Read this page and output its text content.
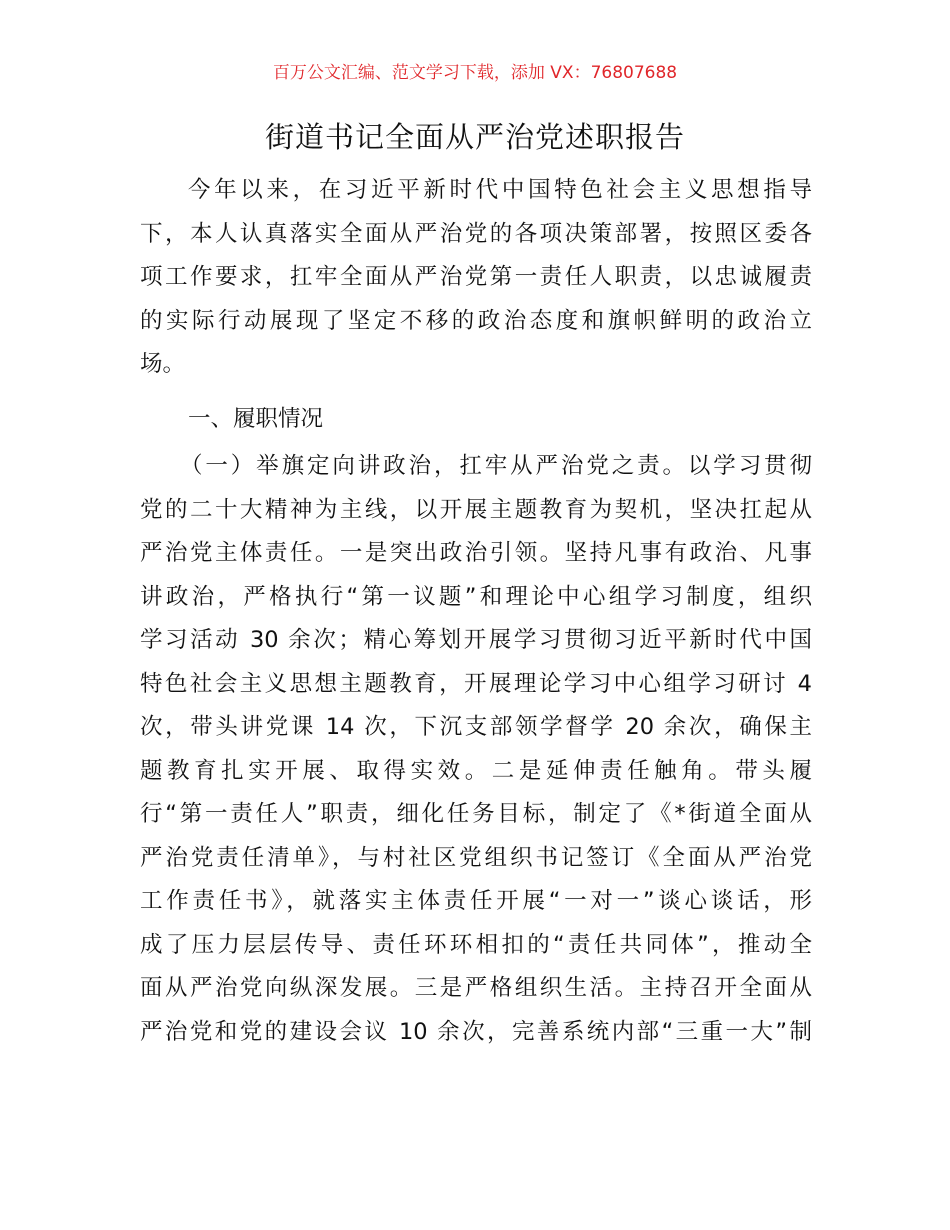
百万公文汇编、范文学习下载，添加 VX：76807688
街道书记全面从严治党述职报告
今年以来，在习近平新时代中国特色社会主义思想指导
下，本人认真落实全面从严治党的各项决策部署，按照区委各
项工作要求，扛牢全面从严治党第一责任人职责，以忠诚履责
的实际行动展现了坚定不移的政治态度和旗帜鲜明的政治立
场。
一、履职情况
（一）举旗定向讲政治，扛牢从严治党之责。以学习贯彻
党的二十大精神为主线，以开展主题教育为契机，坚决扛起从
严治党主体责任。一是突出政治引领。坚持凡事有政治、凡事
讲政治，严格执行“第一议题”和理论中心组学习制度，组织
学习活动 30 余次；精心筹划开展学习贯彻习近平新时代中国
特色社会主义思想主题教育，开展理论学习中心组学习研讨 4
次，带头讲党课 14 次，下沉支部领学督学 20 余次，确保主
题教育扎实开展、取得实效。二是延伸责任触角。带头履
行“第一责任人”职责，细化任务目标，制定了《*街道全面从
严治党责任清单》，与村社区党组织书记签订《全面从严治党
工作责任书》，就落实主体责任开展“一对一”谈心谈话，形
成了压力层层传导、责任环环相扣的“责任共同体”，推动全
面从严治党向纵深发展。三是严格组织生活。主持召开全面从
严治党和党的建设会议 10 余次，完善系统内部“三重一大”制
